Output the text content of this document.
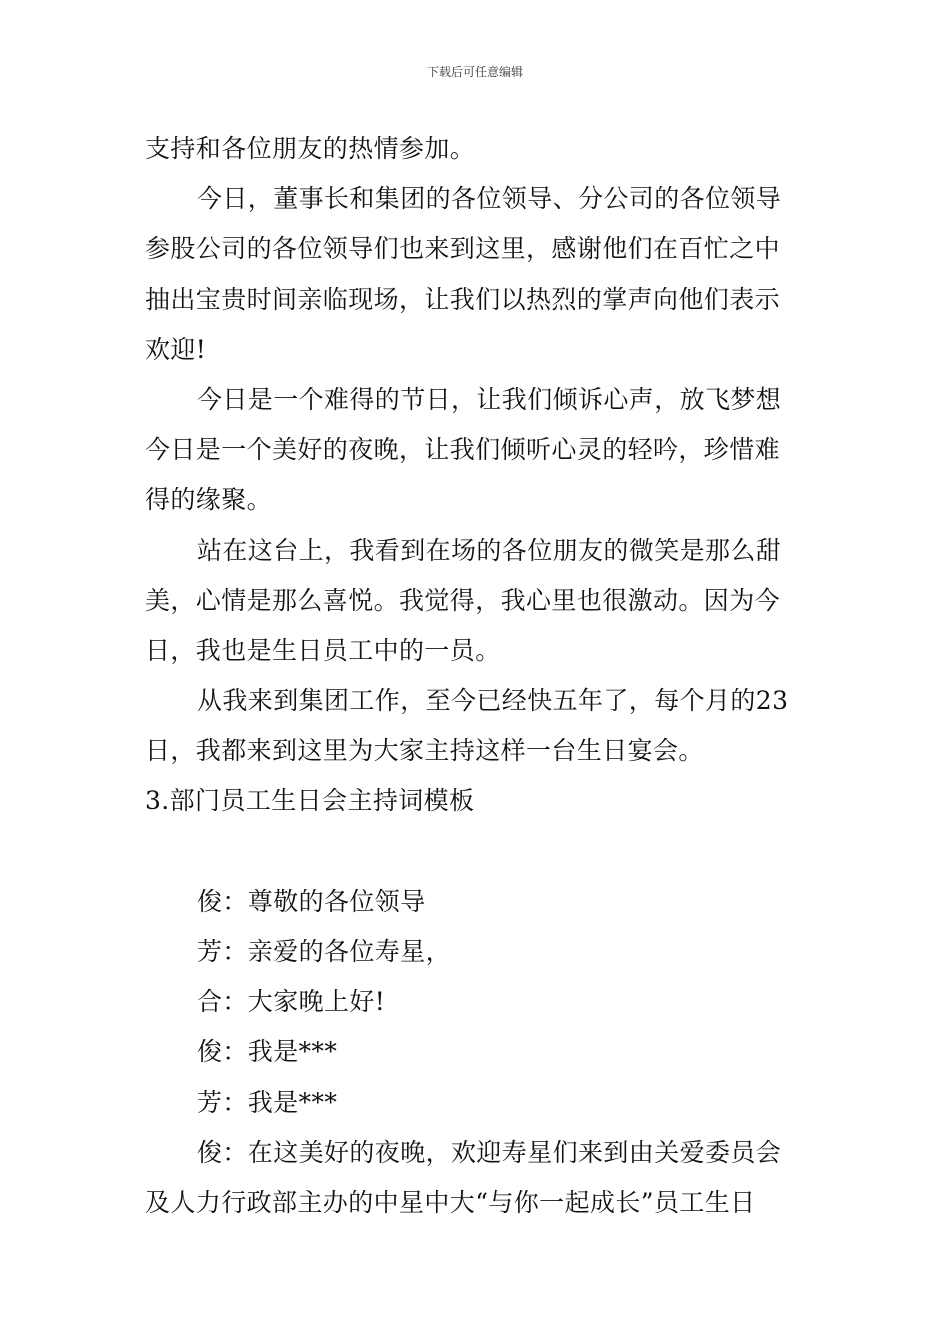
下载后可任意编辑
支持和各位朋友的热情参加。
今日，董事长和集团的各位领导、分公司的各位领导
参股公司的各位领导们也来到这里，感谢他们在百忙之中
抽出宝贵时间亲临现场，让我们以热烈的掌声向他们表示
欢迎!
今日是一个难得的节日，让我们倾诉心声，放飞梦想
今日是一个美好的夜晚，让我们倾听心灵的轻吟，珍惜难
得的缘聚。
站在这台上，我看到在场的各位朋友的微笑是那么甜
美，心情是那么喜悦。我觉得，我心里也很激动。因为今
日，我也是生日员工中的一员。
从我来到集团工作，至今已经快五年了，每个月的23
日，我都来到这里为大家主持这样一台生日宴会。
3.部门员工生日会主持词模板
俊：尊敬的各位领导
芳：亲爱的各位寿星，
合：大家晚上好!
俊：我是***
芳：我是***
俊：在这美好的夜晚，欢迎寿星们来到由关爱委员会
及人力行政部主办的中星中大“与你一起成长”员工生日
